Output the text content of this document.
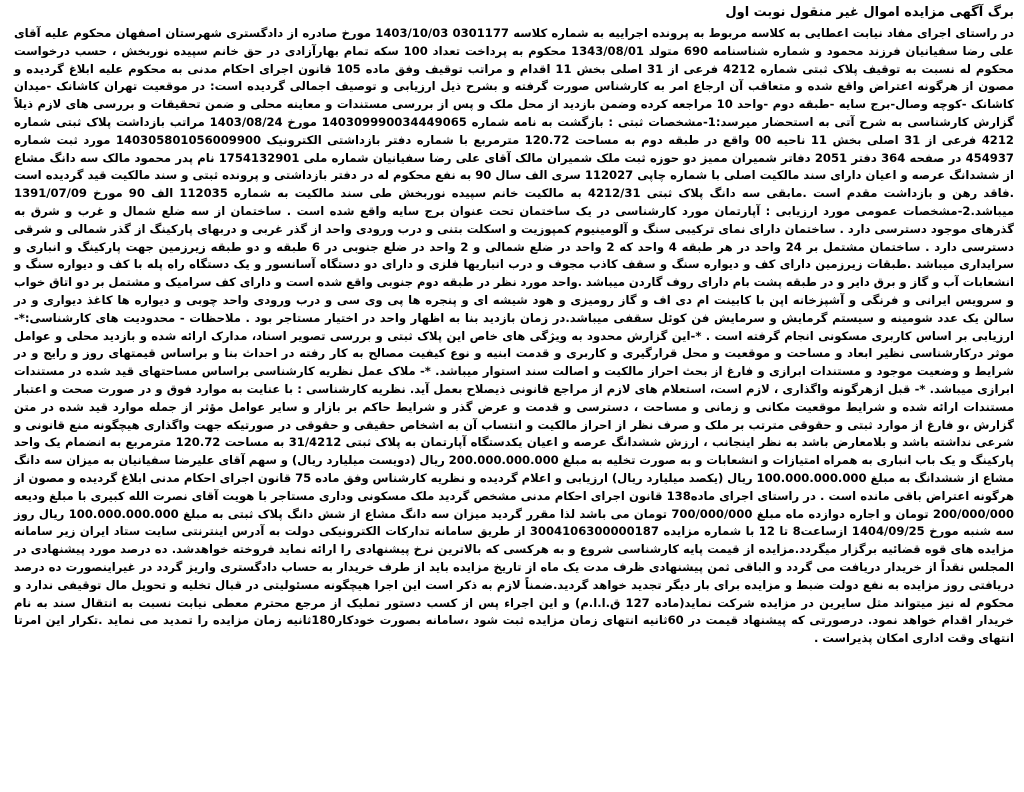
برگ آگهی مزایده اموال غیر منقول نوبت اول

در راستای اجرای مفاد نیابت اعطایی به کلاسه مربوط به پرونده اجراییه به شماره کلاسه 0301177 1403/10/03 مورخ صادره از دادگستری شهرستان اصفهان محکوم علیه آقای علی رضا سفیانیان فرزند محمود و شماره شناسنامه 690 متولد 1343/08/01 محکوم به پرداخت تعداد 100 سکه تمام بهارآزادی در حق خانم سپیده نوربخش ، حسب درخواست محکوم له نسبت به توقیف پلاک ثبتی شماره 4212 فرعی از 31 اصلی بخش 11 اقدام و مراتب توقیف وفق ماده 105 قانون اجرای احکام مدنی به محکوم علیه ابلاغ گردیده و مصون از هرگونه اعتراض واقع شده و متعاقب آن ارجاع امر به کارشناس صورت گرفته و بشرح ذیل ارزیابی و توصیف اجمالی گردیده است: در موقعیت تهران کاشانک -میدان کاشانک -کوچه وصال-برج سایه -طبقه دوم -واحد 10 مراجعه کرده وضمن بازدید از محل ملک و پس از بررسی مستندات و معاینه محلی و ضمن تحقیقات و بررسی های لازم ذیلاً گزارش کارشناسی به شرح آتی به استحضار میرسد:1-مشخصات ثبتی : بازگشت به نامه شماره 140309990034449065 مورخ 1403/08/24 مراتب بازداشت پلاک ثبتی شماره 4212 فرعی از 31 اصلی بخش 11 ناحیه 00 واقع در طبقه دوم به مساحت 120.72 مترمربع با شماره دفتر بازداشتی الکترونیک 140305801056009900 مورد ثبت شماره 454937 در صفحه 364 دفتر 2051 دفاتر شمیران ممیز دو حوزه ثبت ملک شمیران مالک آقای علی رضا سفیانیان شماره ملی 1754132901 نام پدر محمود مالک سه دانگ مشاع از ششدانگ عرصه و اعیان دارای سند مالکیت اصلی با شماره چاپی 112027 سری الف سال 90 به نفع محکوم له در دفتر بازداشتی و پرونده ثبتی و سند مالکیت قید گردیده است .فاقد رهن و بازداشت مقدم است .مابقی سه دانگ پلاک ثبتی 4212/31 به مالکیت خانم سپیده نوربخش طی سند مالکیت به شماره 112035 الف 90 مورخ 1391/07/09 میباشد.2-مشخصات عمومی مورد ارزیابی : آپارتمان مورد کارشناسی در یک ساختمان تحت عنوان برج سایه واقع شده است . ساختمان از سه ضلع شمال و غرب و شرق به گذرهای موجود دسترسی دارد . ساختمان دارای نمای ترکیبی سنگ و آلومینیوم کمپوزیت و اسکلت بتنی و درب ورودی واحد از گذر غربی و دربهای پارکینگ از گذر شمالی و شرقی دسترسی دارد . ساختمان مشتمل بر 24 واحد در هر طبقه 4 واحد که 2 واحد در ضلع شمالی و 2 واحد در ضلع جنوبی در 6 طبقه و دو طبقه زیرزمین جهت پارکینگ و انباری و سرایداری میباشد .طبقات زیرزمین دارای کف و دیواره سنگ و سقف کاذب مجوف و درب انباریها فلزی و دارای دو دستگاه آسانسور و یک دستگاه راه پله با کف و دیواره سنگ و انشعابات آب و گاز و برق دایر و در طبقه پشت بام دارای روف گاردن میباشد .واحد مورد نظر در طبقه دوم جنوبی واقع شده است و دارای کف سرامیک و مشتمل بر دو اتاق خواب و سرویس ایرانی و فرنگی و آشپزخانه اپن با کابینت ام دی اف و گاز رومیزی و هود شیشه ای و پنجره ها پی وی سی و درب ورودی واحد چوبی و دیواره ها کاغذ دیواری و در سالن یک عدد شومینه و سیستم گرمایش و سرمایش فن کوئل سقفی میباشد.در زمان بازدید بنا به اظهار واحد در اختیار مستاجر بود . ملاحظات - محدودیت های کارشناسی:*-ارزیابی بر اساس کاربری مسکونی انجام گرفته است . *-این گزارش محدود به ویژگی های خاص این پلاک ثبتی و بررسی تصویر اسناد، مدارک ارائه شده و بازدید محلی و عوامل موثر درکارشناسی نظیر ابعاد و مساحت و موقعیت و محل قرارگیری و کاربری و قدمت ابنیه و نوع کیفیت مصالح به کار رفته در احداث بنا و براساس قیمتهای روز و رایج و در شرایط و وضعیت موجود و مستندات ابرازی و فارغ از بحث احراز مالکیت و اصالت سند استوار میباشد. *- ملاک عمل نظریه کارشناسی براساس مساحتهای قید شده در مستندات ابرازی میباشد. *- قبل ازهرگونه واگذاری ، لازم است، استعلام های لازم از مراجع قانونی ذیصلاح بعمل آید. نظریه کارشناسی : با عنایت به موارد فوق و در صورت صحت و اعتبار مستندات ارائه شده و شرایط موقعیت مکانی و زمانی و مساحت ، دسترسی و قدمت و عرض گذر و شرایط حاکم بر بازار و سایر عوامل مؤثر از جمله موارد قید شده در متن گزارش ،و فارغ از موارد ثبتی و حقوقی مترتب بر ملک و صرف نظر از احراز مالکیت و انتساب آن به اشخاص حقیقی و حقوقی در صورتیکه جهت واگذاری هیچگونه منع قانونی و شرعی نداشته باشد و بلامعارض باشد به نظر اینجانب ، ارزش ششدانگ عرصه و اعیان یکدستگاه آپارتمان به پلاک ثبتی 31/4212 به مساحت 120.72 مترمربع به انضمام یک واحد پارکینگ و یک باب انباری به همراه امتیازات و انشعابات و به صورت تخلیه به مبلغ 200.000.000.000 ریال (دویست میلیارد ریال) و سهم آقای علیرضا سفیانیان به میزان سه دانگ مشاع از ششدانگ به مبلغ 100.000.000.000 ریال (یکصد میلیارد ریال) ارزیابی و اعلام گردیده و نظریه کارشناس وفق ماده 75 قانون اجرای احکام مدنی ابلاغ گردیده و مصون از هرگونه اعتراض باقی مانده است . در راستای اجرای ماده138 قانون اجرای احکام مدنی مشخص گردید ملک مسکونی وداری مستاجر با هویت آقای نصرت الله کبیری با مبلغ ودیعه 200/000/000 تومان و اجاره دوازده ماه مبلغ 700/000/000 تومان می باشد لذا مقرر گردید میزان سه دانگ مشاع از شش دانگ پلاک ثبتی به مبلغ 100.000.000.000 ریال روز سه شنبه مورخ 1404/09/25 ازساعت8 تا 12 با شماره مزایده 3004106300000187 از طریق سامانه تدارکات الکترونیکی دولت به آدرس اینترنتی سایت ستاد ایران زیر سامانه مزایده های قوه قضائیه برگزار میگردد.مزایده از قیمت پایه کارشناسی شروع و به هرکسی که بالاترین نرخ پیشنهادی را ارائه نماید فروخته خواهدشد. ده درصد مورد پیشنهادی در المجلس نقداً از خریدار دریافت می گردد و الباقی ثمن پیشنهادی ظرف مدت یک ماه از تاریخ مزایده باید از طرف خریدار به حساب دادگستری واریز گردد در غیراینصورت ده درصد دریافتی روز مزایده به نفع دولت ضبط و مزایده برای بار دیگر تجدید خواهد گردید.ضمناً لازم به ذکر است این اجرا هیچگونه مسئولیتی در قبال تخلیه و تحویل مال توقیفی ندارد و محکوم له نیز میتواند مثل سایرین در مزایده شرکت نماید(ماده 127 ق.ا.ا.م) و این اجراء پس از کسب دستور تملیک از مرجع محترم معطی نیابت نسبت به انتقال سند به نام خریدار اقدام خواهد نمود. درصورتی که پیشنهاد قیمت در 60ثانیه انتهای زمان مزایده ثبت شود ،سامانه بصورت خودکار180ثانیه زمان مزایده را تمدید می نماید .تکرار این امرتا انتهای وقت اداری امکان پذیراست .
